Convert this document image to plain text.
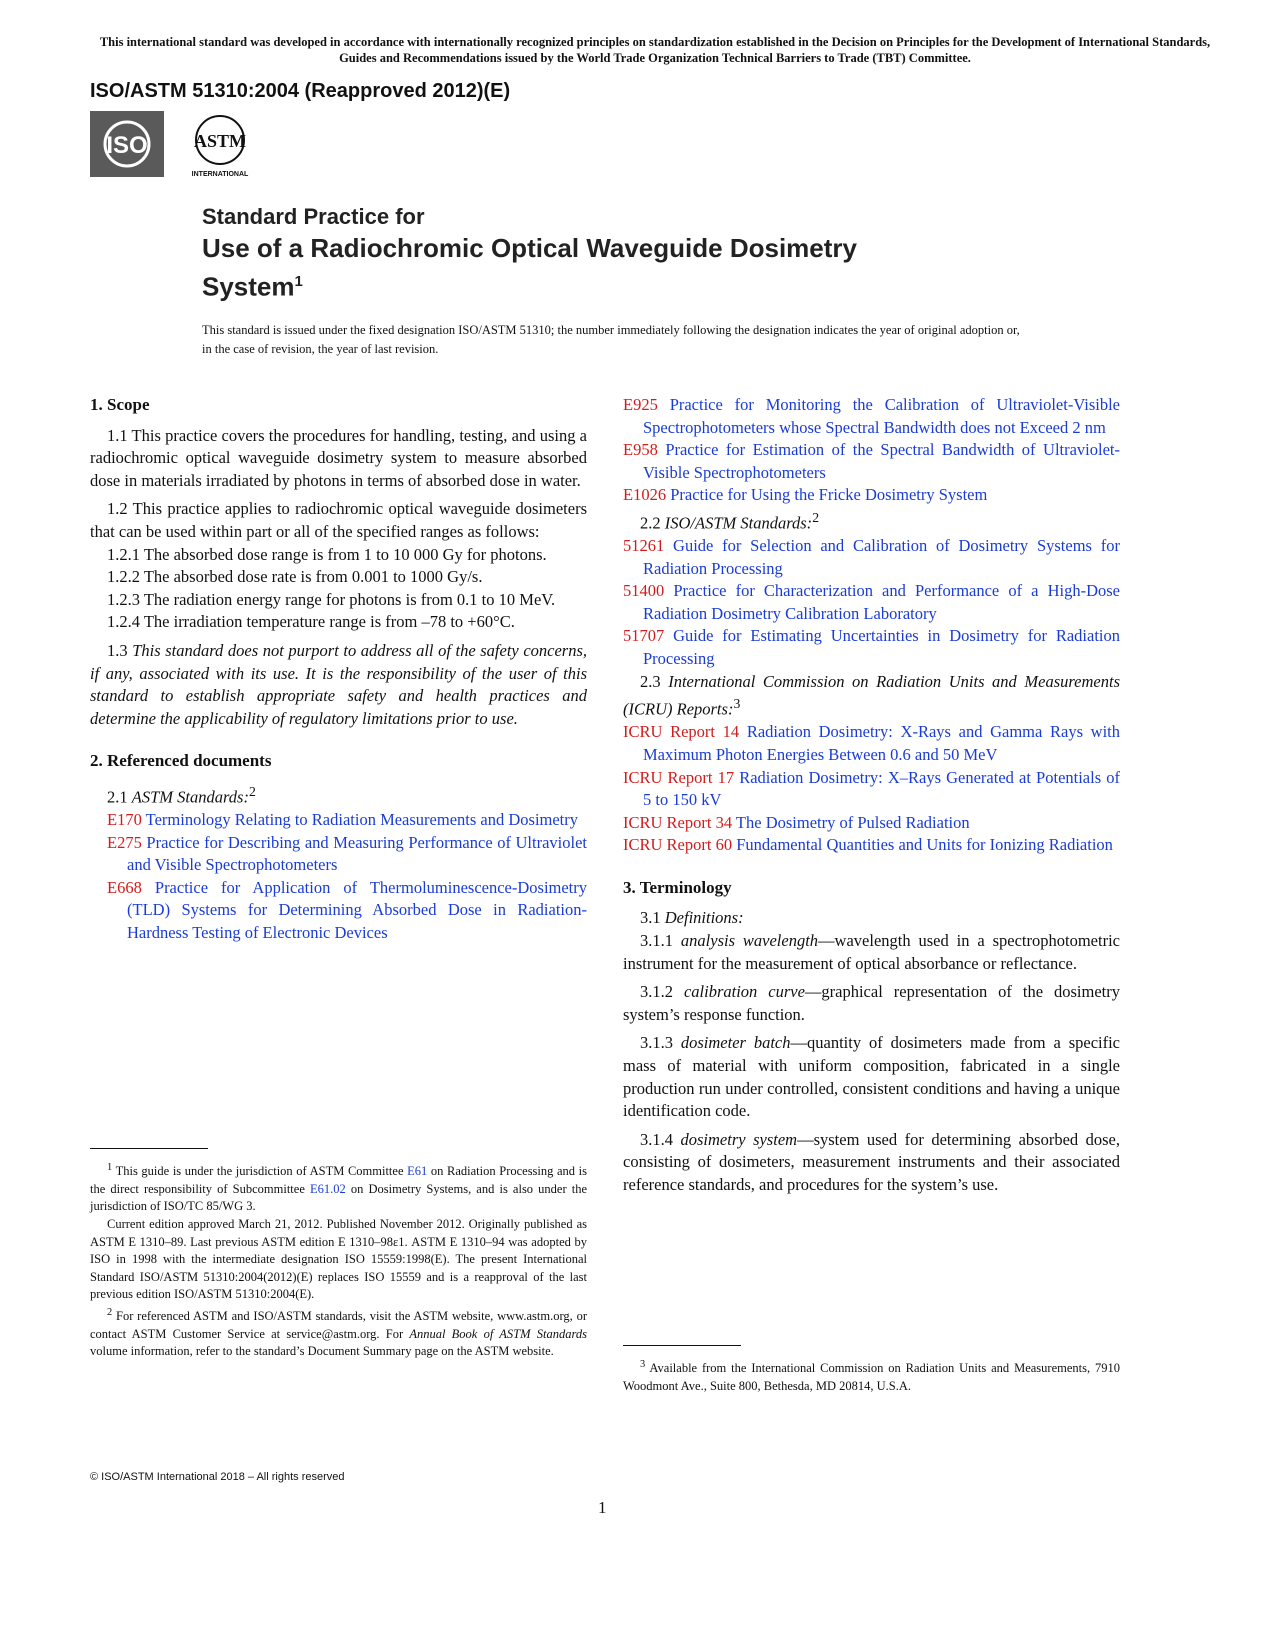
This international standard was developed in accordance with internationally recognized principles on standardization established in the Decision on Principles for the Development of International Standards, Guides and Recommendations issued by the World Trade Organization Technical Barriers to Trade (TBT) Committee.
ISO/ASTM 51310:2004 (Reapproved 2012)(E)
ISO	ASTM
INTERNATIONAL
Standard Practice for
Use of a Radiochromic Optical Waveguide Dosimetry
System$^1$
This standard is issued under the fixed designation ISO/ASTM 51310; the number immediately following the designation indicates the year of original adoption or, in the case of revision, the year of last revision.
1. Scope

1.1 This practice covers the procedures for handling, testing, and using a radiochromic optical waveguide dosimetry system to measure absorbed dose in materials irradiated by photons in terms of absorbed dose in water.

1.2 This practice applies to radiochromic optical waveguide dosimeters that can be used within part or all of the specified ranges as follows:

1.2.1 The absorbed dose range is from 1 to 10 000 Gy for photons.

1.2.2 The absorbed dose rate is from 0.001 to 1000 Gy/s.

1.2.3 The radiation energy range for photons is from 0.1 to 10 MeV.

1.2.4 The irradiation temperature range is from –78 to +60°C.

1.3 This standard does not purport to address all of the safety concerns, if any, associated with its use. It is the responsibility of the user of this standard to establish appropriate safety and health practices and determine the applicability of regulatory limitations prior to use.

2. Referenced documents

2.1 ASTM Standards:$^2$

E170 Terminology Relating to Radiation Measurements and Dosimetry

E275 Practice for Describing and Measuring Performance of Ultraviolet and Visible Spectrophotometers

E668 Practice for Application of Thermoluminescence-Dosimetry (TLD) Systems for Determining Absorbed Dose in Radiation-Hardness Testing of Electronic Devices

$^1$ This guide is under the jurisdiction of ASTM Committee E61 on Radiation Processing and is the direct responsibility of Subcommittee E61.02 on Dosimetry Systems, and is also under the jurisdiction of ISO/TC 85/WG 3.

Current edition approved March 21, 2012. Published November 2012. Originally published as ASTM E 1310–89. Last previous ASTM edition E 1310–98ε1. ASTM E 1310–94 was adopted by ISO in 1998 with the intermediate designation ISO 15559:1998(E). The present International Standard ISO/ASTM 51310:2004(2012)(E) replaces ISO 15559 and is a reapproval of the last previous edition ISO/ASTM 51310:2004(E).

$^2$ For referenced ASTM and ISO/ASTM standards, visit the ASTM website, www.astm.org, or contact ASTM Customer Service at service@astm.org. For Annual Book of ASTM Standards volume information, refer to the standard’s Document Summary page on the ASTM website.

E925 Practice for Monitoring the Calibration of Ultraviolet-Visible Spectrophotometers whose Spectral Bandwidth does not Exceed 2 nm

E958 Practice for Estimation of the Spectral Bandwidth of Ultraviolet-Visible Spectrophotometers

E1026 Practice for Using the Fricke Dosimetry System

2.2 ISO/ASTM Standards:$^2$

51261 Guide for Selection and Calibration of Dosimetry Systems for Radiation Processing

51400 Practice for Characterization and Performance of a High-Dose Radiation Dosimetry Calibration Laboratory

51707 Guide for Estimating Uncertainties in Dosimetry for Radiation Processing

2.3 International Commission on Radiation Units and Measurements (ICRU) Reports:$^3$

ICRU Report 14 Radiation Dosimetry: X-Rays and Gamma Rays with Maximum Photon Energies Between 0.6 and 50 MeV

ICRU Report 17 Radiation Dosimetry: X–Rays Generated at Potentials of 5 to 150 kV

ICRU Report 34 The Dosimetry of Pulsed Radiation

ICRU Report 60 Fundamental Quantities and Units for Ionizing Radiation

3. Terminology

3.1 Definitions:

3.1.1 analysis wavelength—wavelength used in a spectrophotometric instrument for the measurement of optical absorbance or reflectance.

3.1.2 calibration curve—graphical representation of the dosimetry system’s response function.

3.1.3 dosimeter batch—quantity of dosimeters made from a specific mass of material with uniform composition, fabricated in a single production run under controlled, consistent conditions and having a unique identification code.

3.1.4 dosimetry system—system used for determining absorbed dose, consisting of dosimeters, measurement instruments and their associated reference standards, and procedures for the system’s use.

$^3$ Available from the International Commission on Radiation Units and Measurements, 7910 Woodmont Ave., Suite 800, Bethesda, MD 20814, U.S.A.

© ISO/ASTM International 2018 – All rights reserved
1
